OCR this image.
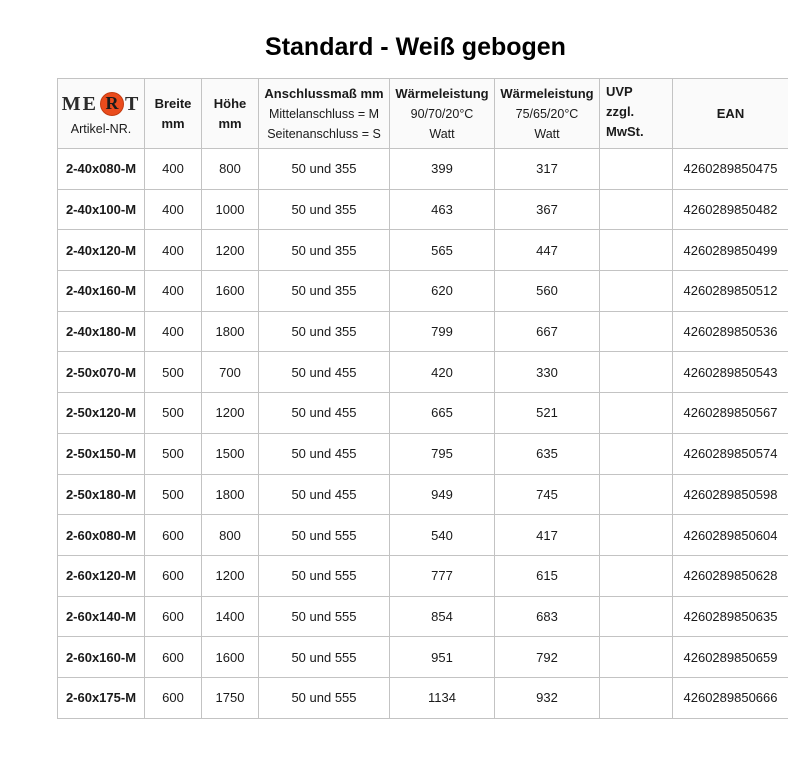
Standard - Weiß gebogen
ME R T
Artikel-NR.

Breite
mm

Höhe
mm

Anschlussmaß mm
Mittelanschluss = M
Seitenanschluss = S

Wärmeleistung
90/70/20°C
Watt

Wärmeleistung
75/65/20°C
Watt

UVP
zzgl.
MwSt.
	EAN
2-40x080-M	400	800	50 und 355	399	317		4260289850475
2-40x100-M	400	1000	50 und 355	463	367		4260289850482
2-40x120-M	400	1200	50 und 355	565	447		4260289850499
2-40x160-M	400	1600	50 und 355	620	560		4260289850512
2-40x180-M	400	1800	50 und 355	799	667		4260289850536
2-50x070-M	500	700	50 und 455	420	330		4260289850543
2-50x120-M	500	1200	50 und 455	665	521		4260289850567
2-50x150-M	500	1500	50 und 455	795	635		4260289850574
2-50x180-M	500	1800	50 und 455	949	745		4260289850598
2-60x080-M	600	800	50 und 555	540	417		4260289850604
2-60x120-M	600	1200	50 und 555	777	615		4260289850628
2-60x140-M	600	1400	50 und 555	854	683		4260289850635
2-60x160-M	600	1600	50 und 555	951	792		4260289850659
2-60x175-M	600	1750	50 und 555	1134	932		4260289850666
